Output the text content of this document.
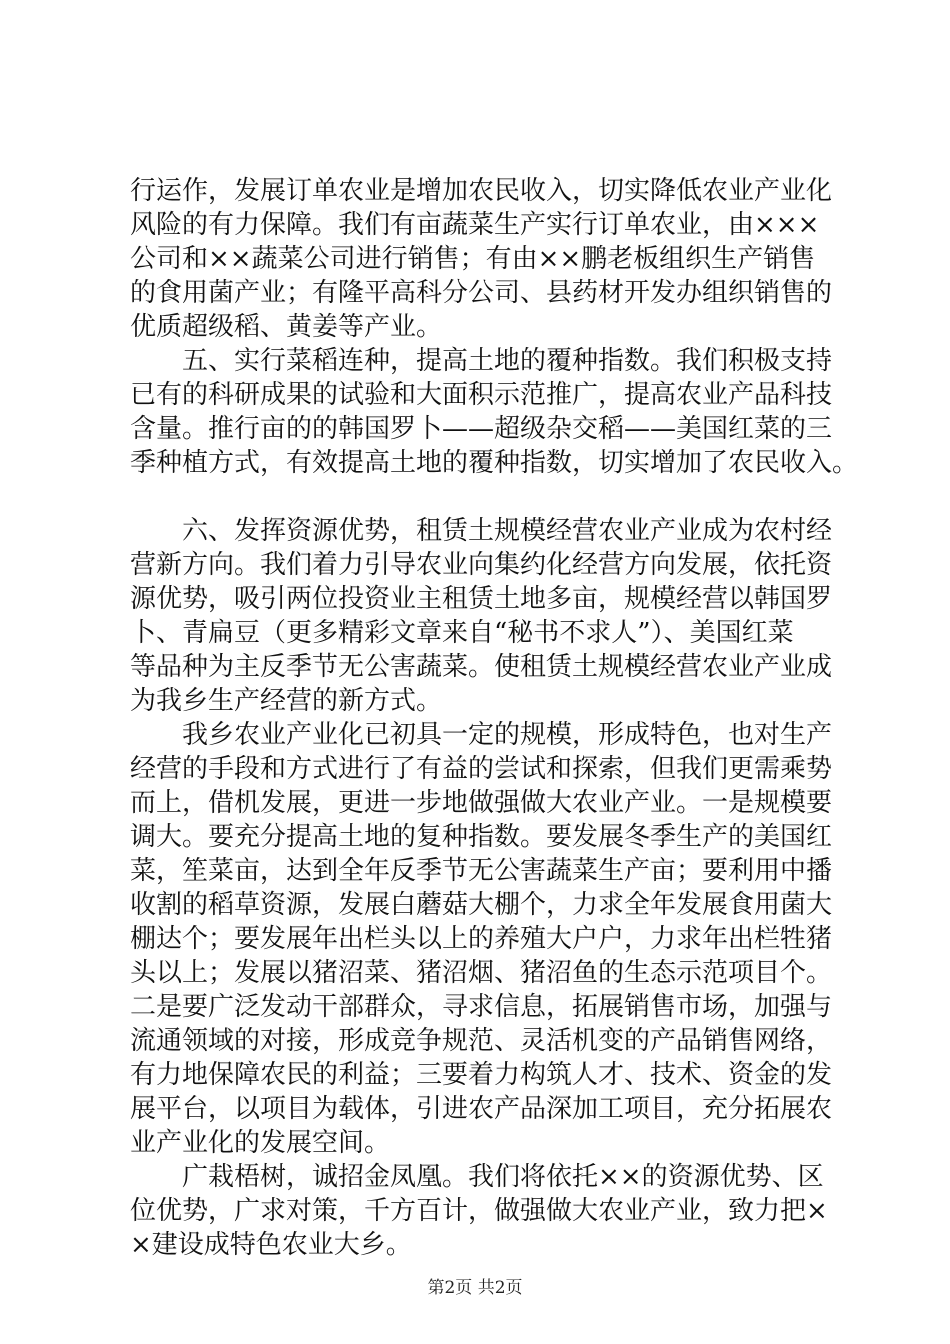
行运作，发展订单农业是增加农民收入，切实降低农业产业化
风险的有力保障。我们有亩蔬菜生产实行订单农业，由×××
公司和××蔬菜公司进行销售；有由××鹏老板组织生产销售
的食用菌产业；有隆平高科分公司、县药材开发办组织销售的
优质超级稻、黄姜等产业。
　　五、实行菜稻连种，提高土地的覆种指数。我们积极支持
已有的科研成果的试验和大面积示范推广，提高农业产品科技
含量。推行亩的的韩国罗卜——超级杂交稻——美国红菜的三
季种植方式，有效提高土地的覆种指数，切实增加了农民收入。
　　六、发挥资源优势，租赁土规模经营农业产业成为农村经
营新方向。我们着力引导农业向集约化经营方向发展，依托资
源优势，吸引两位投资业主租赁土地多亩，规模经营以韩国罗
卜、青扁豆（更多精彩文章来自“秘书不求人”）、美国红菜
等品种为主反季节无公害蔬菜。使租赁土规模经营农业产业成
为我乡生产经营的新方式。
　　我乡农业产业化已初具一定的规模，形成特色，也对生产
经营的手段和方式进行了有益的尝试和探索，但我们更需乘势
而上，借机发展，更进一步地做强做大农业产业。一是规模要
调大。要充分提高土地的复种指数。要发展冬季生产的美国红
菜，笙菜亩，达到全年反季节无公害蔬菜生产亩；要利用中播
收割的稻草资源，发展白蘑菇大棚个，力求全年发展食用菌大
棚达个；要发展年出栏头以上的养殖大户户，力求年出栏牲猪
头以上；发展以猪沼菜、猪沼烟、猪沼鱼的生态示范项目个。
二是要广泛发动干部群众，寻求信息，拓展销售市场，加强与
流通领域的对接，形成竞争规范、灵活机变的产品销售网络，
有力地保障农民的利益；三要着力构筑人才、技术、资金的发
展平台，以项目为载体，引进农产品深加工项目，充分拓展农
业产业化的发展空间。
　　广栽梧树，诚招金凤凰。我们将依托××的资源优势、区
位优势，广求对策，千方百计，做强做大农业产业，致力把×
×建设成特色农业大乡。
第2页 共2页
